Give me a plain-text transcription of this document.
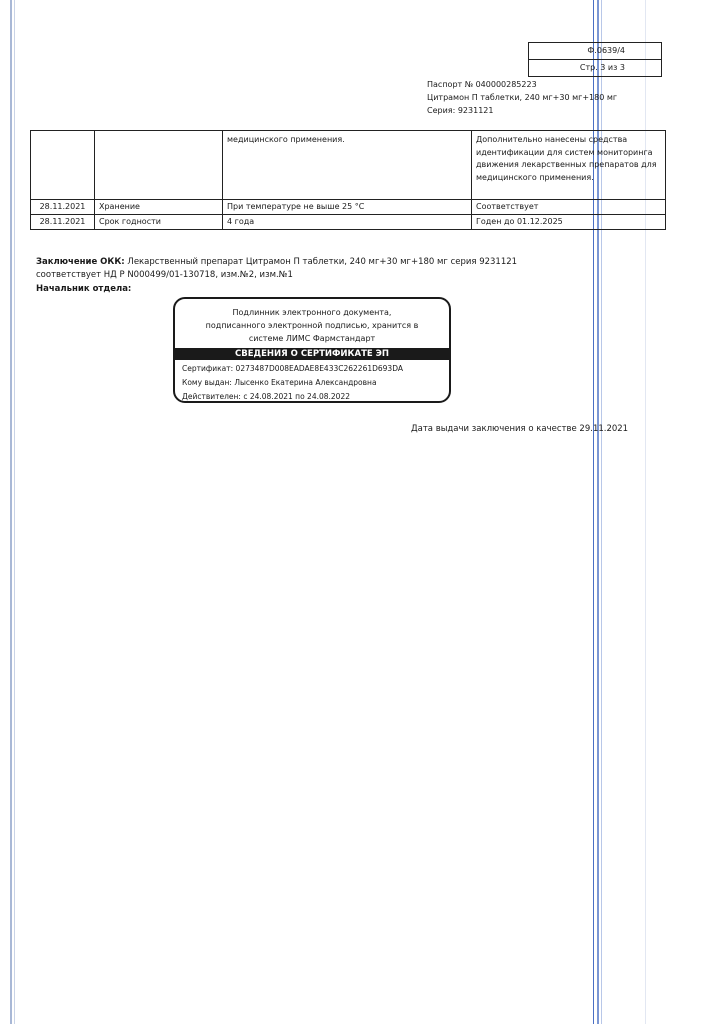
Ф.0639/4
Стр. 3 из 3
Паспорт № 040000285223
Цитрамон П таблетки, 240 мг+30 мг+180 мг
Серия: 9231121
		медицинского применения.	Дополнительно нанесены средства идентификации для систем мониторинга движения лекарственных препаратов для медицинского применения.
28.11.2021	Хранение	При температуре не выше 25 °С	Соответствует
28.11.2021	Срок годности	4 года	Годен до 01.12.2025
Заключение ОКК: Лекарственный препарат Цитрамон П таблетки, 240 мг+30 мг+180 мг серия 9231121 соответствует НД Р N000499/01-130718, изм.№2, изм.№1
Начальник отдела:
Подлинник электронного документа,
подписанного электронной подписью, хранится в
системе ЛИМС Фармстандарт
СВЕДЕНИЯ О СЕРТИФИКАТЕ ЭП
Сертификат: 0273487D008EADAE8E433C262261D693DA
Кому выдан: Лысенко Екатерина Александровна
Действителен: с 24.08.2021 по 24.08.2022
Дата выдачи заключения о качестве 29.11.2021
